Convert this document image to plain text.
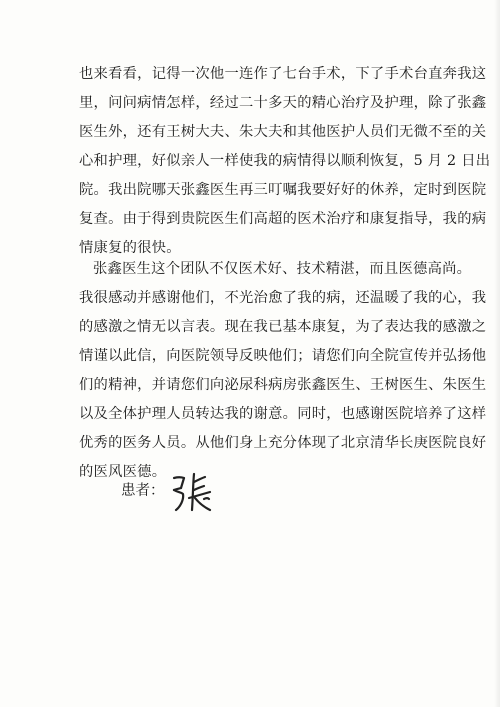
也来看看，记得一次他一连作了七台手术，下了手术台直奔我这
里，问问病情怎样，经过二十多天的精心治疗及护理，除了张鑫
医生外，还有王树大夫、朱大夫和其他医护人员们无微不至的关
心和护理，好似亲人一样使我的病情得以顺利恢复，5 月 2 日出
院。我出院哪天张鑫医生再三叮嘱我要好好的休养，定时到医院
复查。由于得到贵院医生们高超的医术治疗和康复指导，我的病
情康复的很快。
张鑫医生这个团队不仅医术好、技术精湛，而且医德高尚。
我很感动并感谢他们，不光治愈了我的病，还温暖了我的心，我
的感激之情无以言表。现在我已基本康复，为了表达我的感激之
情谨以此信，向医院领导反映他们；请您们向全院宣传并弘扬他
们的精神，并请您们向泌尿科病房张鑫医生、王树医生、朱医生
以及全体护理人员转达我的谢意。同时，也感谢医院培养了这样
优秀的医务人员。从他们身上充分体现了北京清华长庚医院良好
的医风医德。
患者：
